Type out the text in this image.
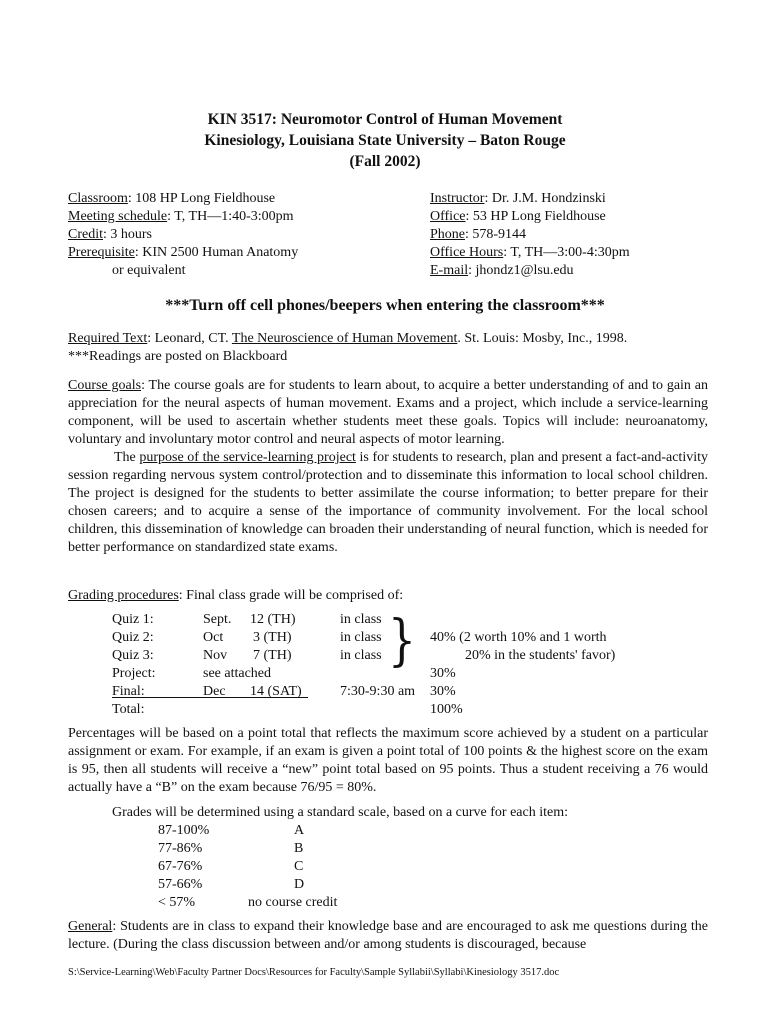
KIN 3517: Neuromotor Control of Human Movement
Kinesiology, Louisiana State University – Baton Rouge
(Fall 2002)
Classroom: 108 HP Long Fieldhouse
Meeting schedule: T, TH—1:40-3:00pm
Credit: 3 hours
Prerequisite: KIN 2500 Human Anatomy
or equivalent
Instructor: Dr. J.M. Hondzinski
Office: 53 HP Long Fieldhouse
Phone: 578-9144
Office Hours: T, TH—3:00-4:30pm
E-mail: jhondz1@lsu.edu
***Turn off cell phones/beepers when entering the classroom***
Required Text: Leonard, CT. The Neuroscience of Human Movement. St. Louis: Mosby, Inc., 1998.
***Readings are posted on Blackboard
Course goals: The course goals are for students to learn about, to acquire a better understanding of and to gain an appreciation for the neural aspects of human movement. Exams and a project, which include a service-learning component, will be used to ascertain whether students meet these goals. Topics will include: neuroanatomy, voluntary and involuntary motor control and neural aspects of motor learning.
The purpose of the service-learning project is for students to research, plan and present a fact-and-activity session regarding nervous system control/protection and to disseminate this information to local school children. The project is designed for the students to better assimilate the course information; to better prepare for their chosen careers; and to acquire a sense of the importance of community involvement. For the local school children, this dissemination of knowledge can broaden their understanding of neural function, which is needed for better performance on standardized state exams.
Grading procedures: Final class grade will be comprised of:
Quiz 1:	Sept. 12 (TH)	in class
Quiz 2:	Oct 3 (TH)	in class	40% (2 worth 10% and 1 worth
Quiz 3:	Nov 7 (TH)	in class	20% in the students' favor)
Project:	see attached	30%
Final:	Dec 14 (SAT)	7:30-9:30 am 30%
Total:	100%
}
Percentages will be based on a point total that reflects the maximum score achieved by a student on a particular assignment or exam. For example, if an exam is given a point total of 100 points & the highest score on the exam is 95, then all students will receive a “new” point total based on 95 points. Thus a student receiving a 76 would actually have a “B” on the exam because 76/95 = 80%.
Grades will be determined using a standard scale, based on a curve for each item:
87-100%	A
77-86%	B
67-76%	C
57-66%	D
< 57%	no course credit
General: Students are in class to expand their knowledge base and are encouraged to ask me questions during the lecture. (During the class discussion between and/or among students is discouraged, because
S:\Service-Learning\Web\Faculty Partner Docs\Resources for Faculty\Sample Syllabii\Syllabi\Kinesiology 3517.doc
